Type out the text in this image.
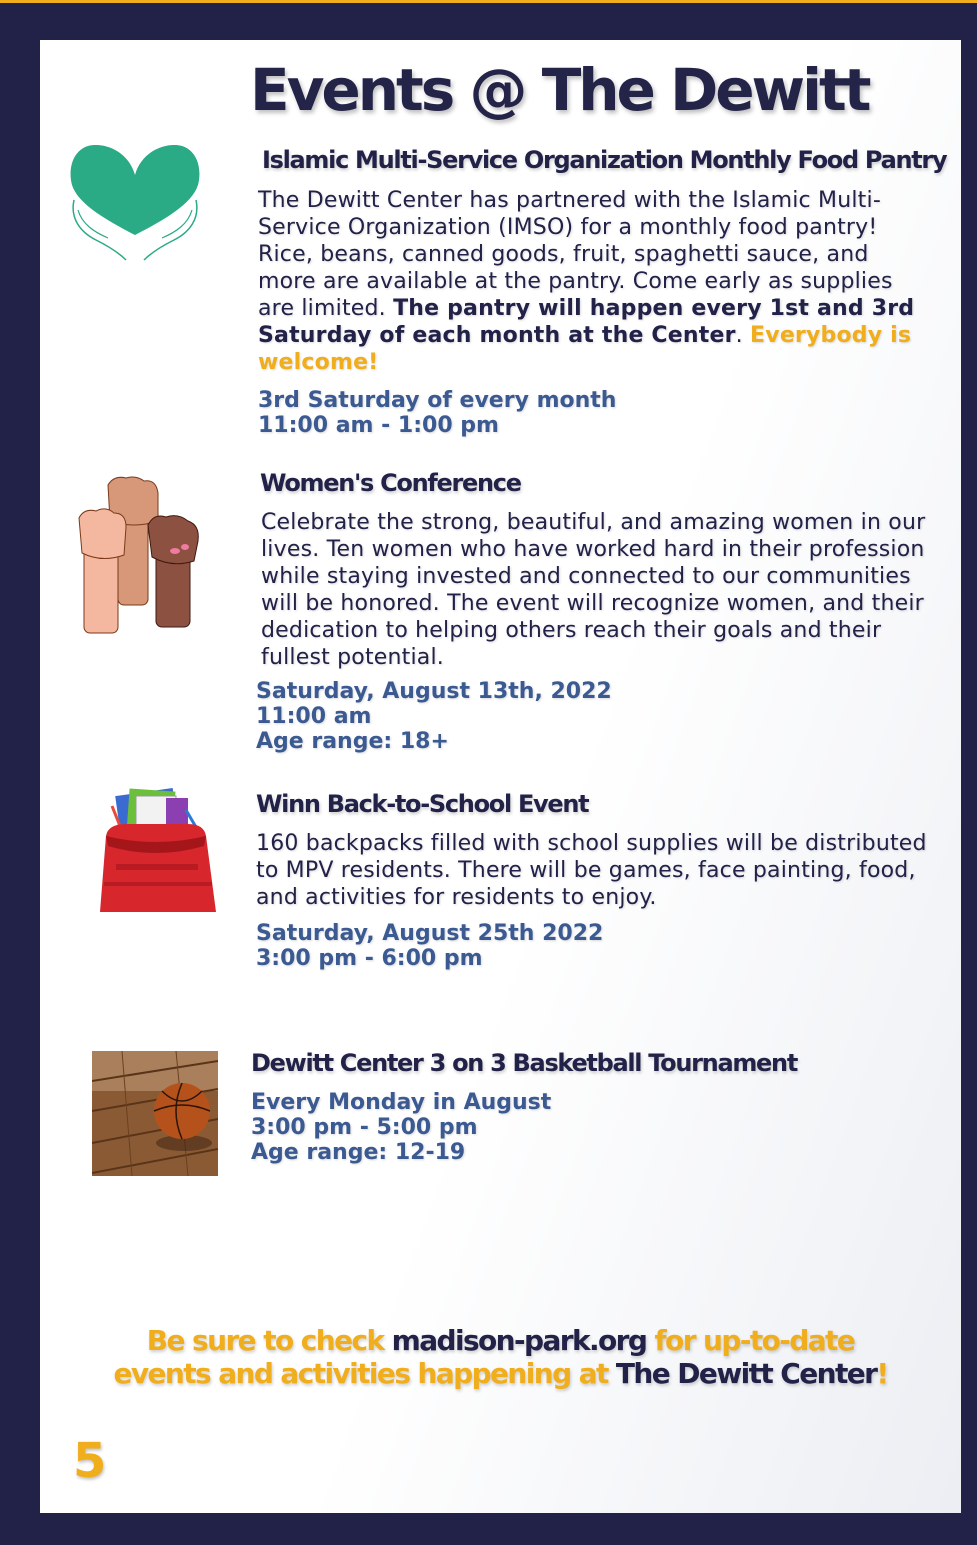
Events @ The Dewitt
Islamic Multi-Service Organization Monthly Food Pantry

The Dewitt Center has partnered with the Islamic Multi-Service Organization (IMSO) for a monthly food pantry! Rice, beans, canned goods, fruit, spaghetti sauce, and more are available at the pantry. Come early as supplies are limited. The pantry will happen every 1st and 3rd Saturday of each month at the Center. Everybody is welcome!

3rd Saturday of every month
11:00 am - 1:00 pm
Women's Conference

Celebrate the strong, beautiful, and amazing women in our lives. Ten women who have worked hard in their profession while staying invested and connected to our communities will be honored. The event will recognize women, and their dedication to helping others reach their goals and their fullest potential.

Saturday, August 13th, 2022
11:00 am
Age range: 18+
Winn Back-to-School Event

160 backpacks filled with school supplies will be distributed to MPV residents. There will be games, face painting, food, and activities for residents to enjoy.

Saturday, August 25th 2022
3:00 pm - 6:00 pm
Dewitt Center 3 on 3 Basketball Tournament
Every Monday in August
3:00 pm - 5:00 pm
Age range: 12-19

Be sure to check madison-park.org for up-to-date
events and activities happening at The Dewitt Center!

5
